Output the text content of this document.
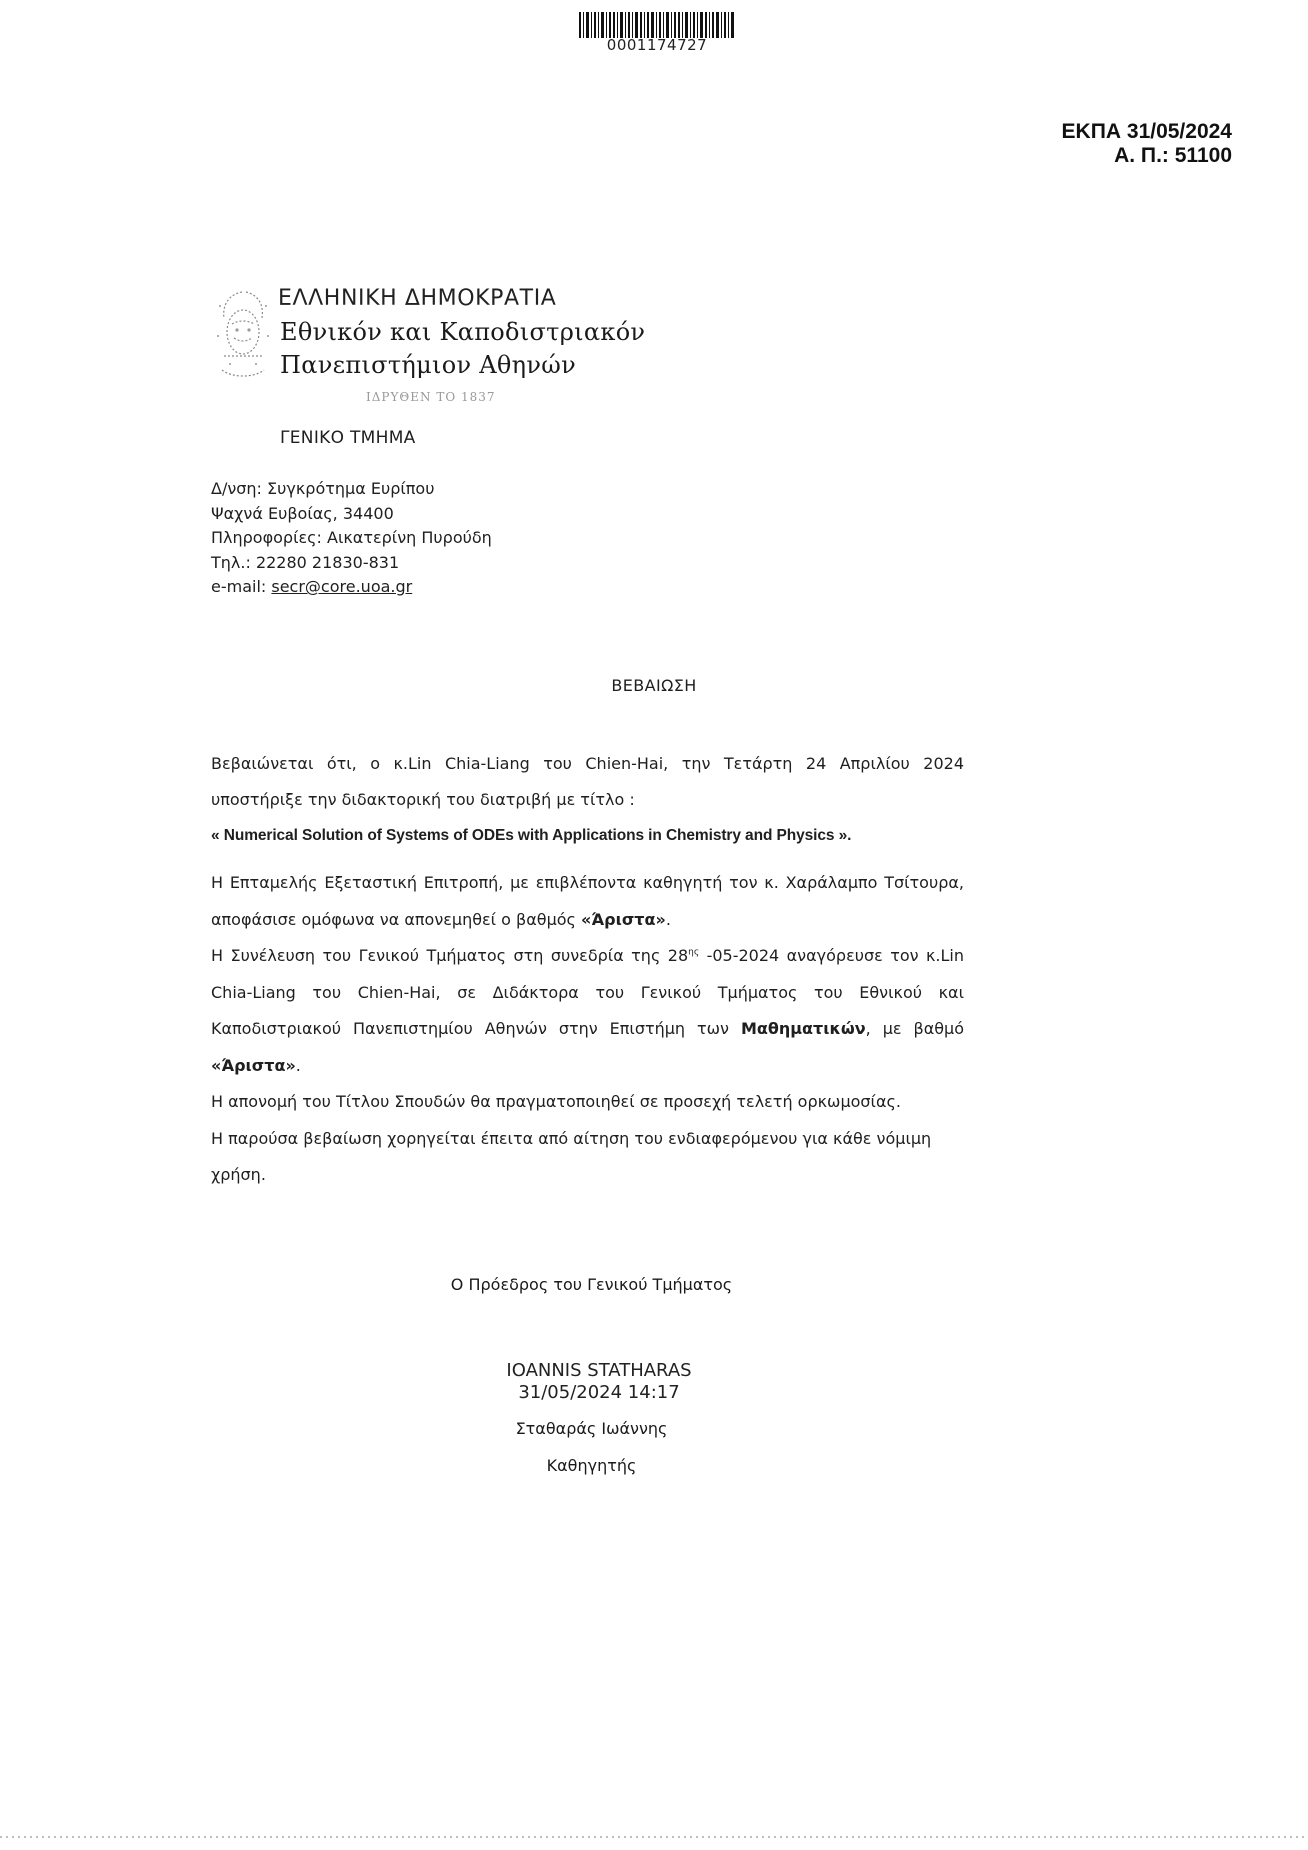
0001174727
ΕΚΠΑ 31/05/2024
Α. Π.: 51100
ΕΛΛΗΝΙΚΗ ΔΗΜΟΚΡΑΤΙΑ
Εθνικόν και Καποδιστριακόν
Πανεπιστήμιον Αθηνών
ΙΔΡΥΘΕΝ ΤΟ 1837
ΓΕΝΙΚΟ ΤΜΗΜΑ
Δ/νση: Συγκρότημα Ευρίπου
Ψαχνά Ευβοίας, 34400
Πληροφορίες: Αικατερίνη Πυρούδη
Τηλ.: 22280 21830-831
e-mail: secr@core.uoa.gr
ΒΕΒΑΙΩΣΗ
Βεβαιώνεται ότι, ο κ.Lin Chia-Liang του Chien-Hai, την Τετάρτη 24 Απριλίου 2024
υποστήριξε την διδακτορική του διατριβή με τίτλο :
« Numerical Solution of Systems of ODEs with Applications in Chemistry and Physics ».
Η Επταμελής Εξεταστική Επιτροπή, με επιβλέποντα καθηγητή τον κ. Χαράλαμπο Τσίτουρα,
αποφάσισε ομόφωνα να απονεμηθεί ο βαθμός «Άριστα».
Η Συνέλευση του Γενικού Τμήματος στη συνεδρία της $28^{\eta\varsigma}$ -05-2024 αναγόρευσε τον κ.Lin Chia-Liang του Chien-Hai, σε Διδάκτορα του Γενικού Τμήματος του Εθνικού και Καποδιστριακού Πανεπιστημίου Αθηνών στην Επιστήμη των Μαθηματικών, με βαθμό «Άριστα».
Η απονομή του Τίτλου Σπουδών θα πραγματοποιηθεί σε προσεχή τελετή ορκωμοσίας.
Η παρούσα βεβαίωση χορηγείται έπειτα από αίτηση του ενδιαφερόμενου για κάθε νόμιμη χρήση.
Ο Πρόεδρος του Γενικού Τμήματος
IOANNIS STATHARAS
31/05/2024 14:17
Σταθαράς Ιωάννης
Καθηγητής
